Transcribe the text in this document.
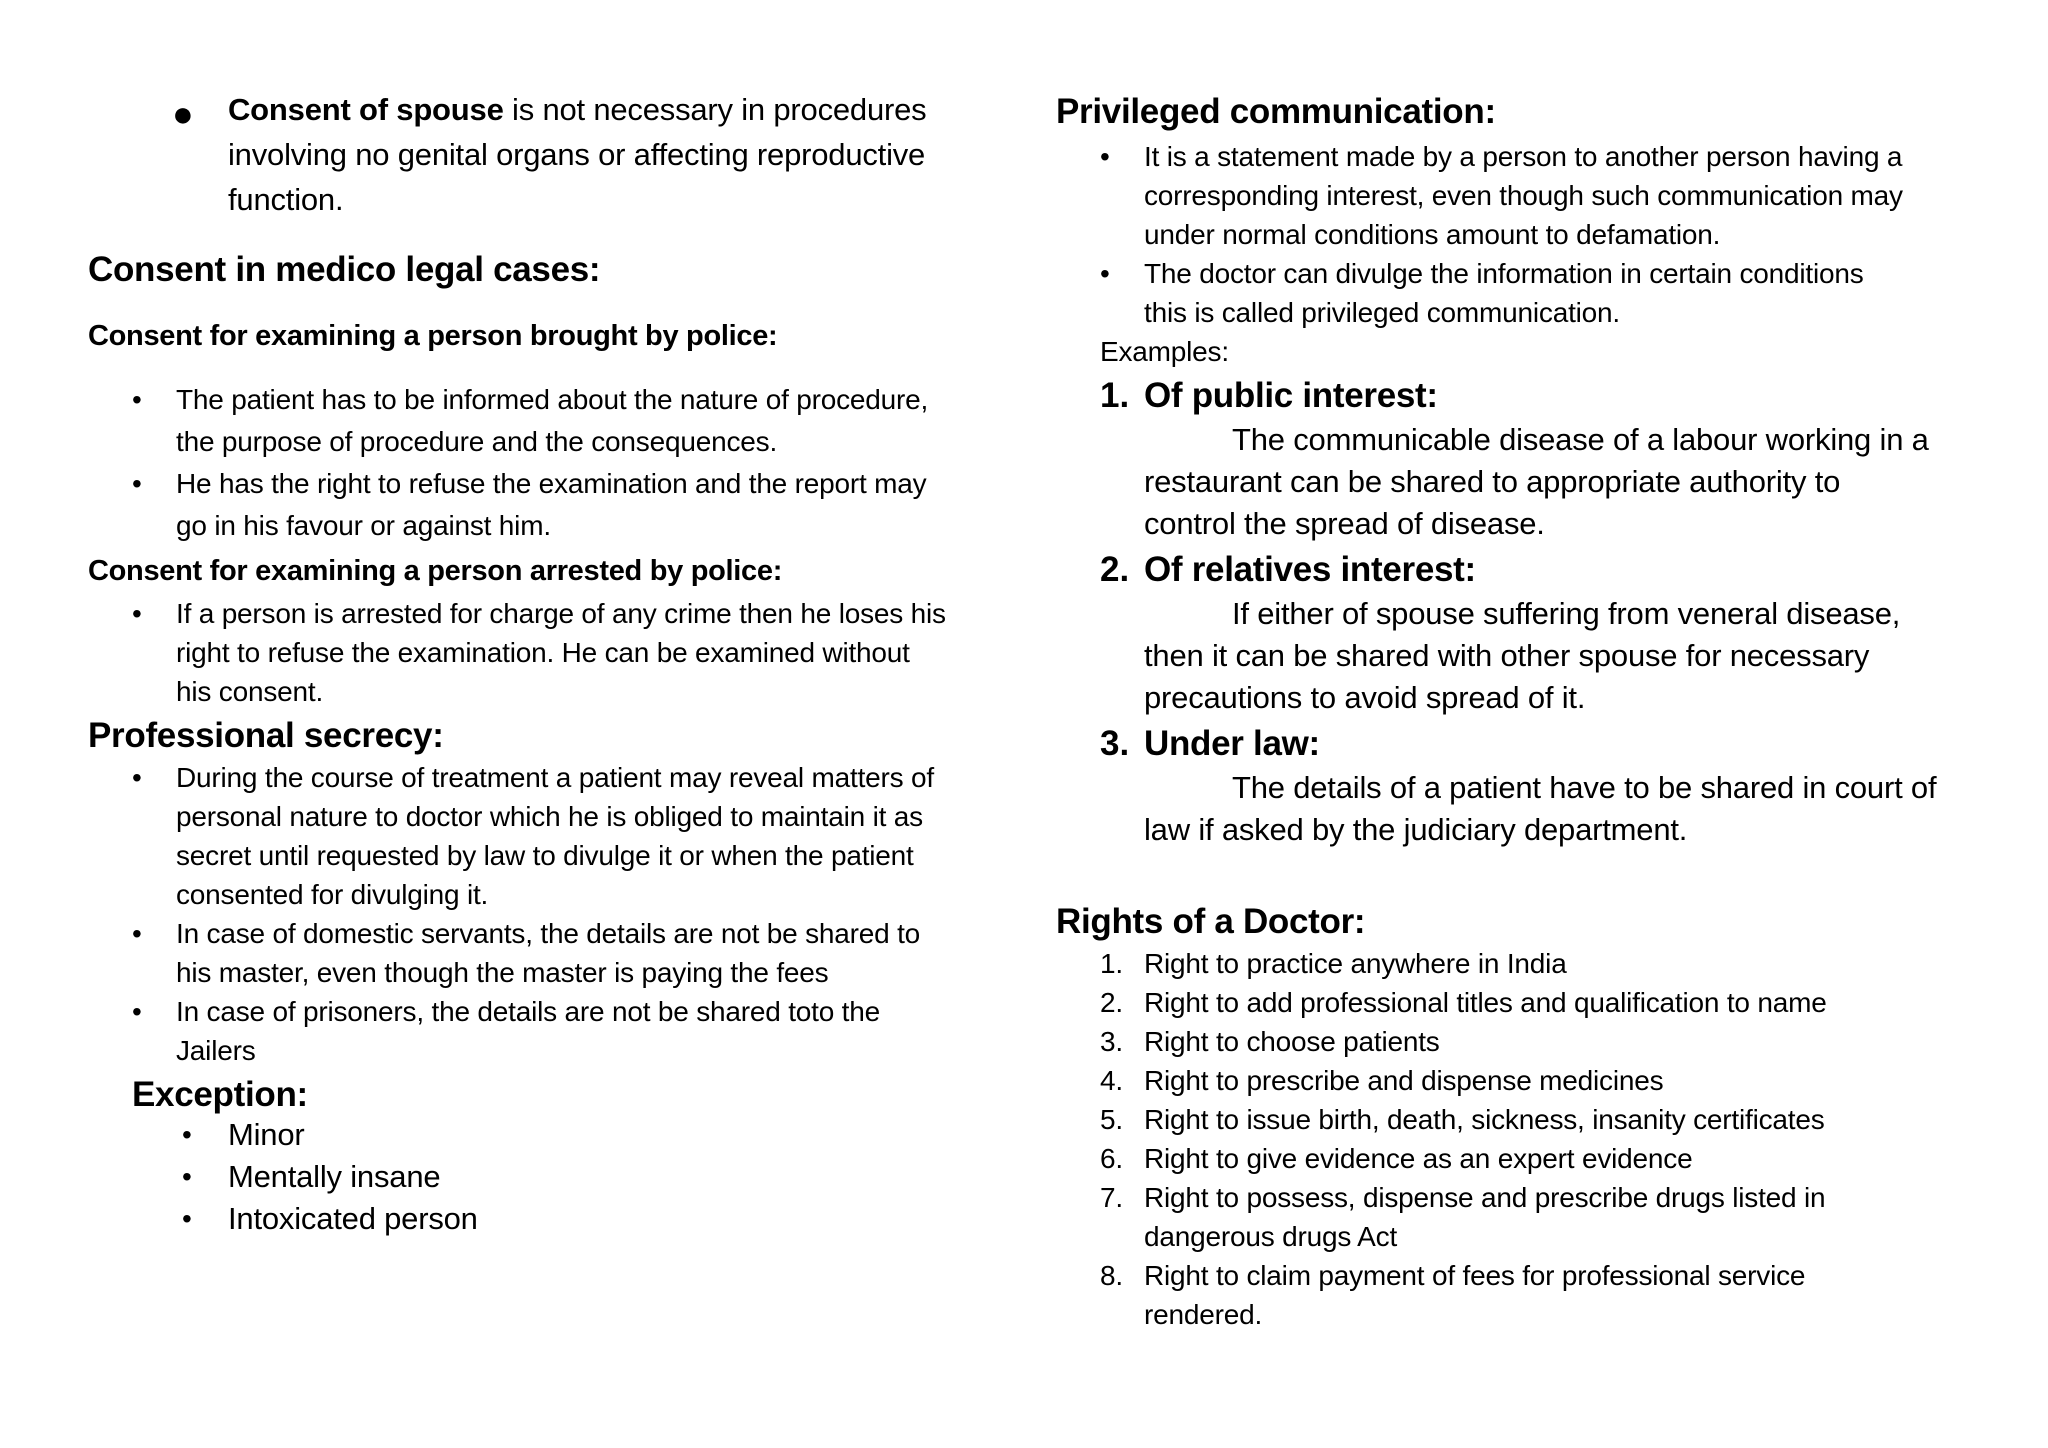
● Consent of spouse is not necessary in procedures
involving no genital organs or affecting reproductive
function.
Consent in medico legal cases:
Consent for examining a person brought by police:
• The patient has to be informed about the nature of procedure,
the purpose of procedure and the consequences.
• He has the right to refuse the examination and the report may
go in his favour or against him.
Consent for examining a person arrested by police:
• If a person is arrested for charge of any crime then he loses his
right to refuse the examination. He can be examined without
his consent.
Professional secrecy:
• During the course of treatment a patient may reveal matters of
personal nature to doctor which he is obliged to maintain it as
secret until requested by law to divulge it or when the patient
consented for divulging it.
• In case of domestic servants, the details are not be shared to
his master, even though the master is paying the fees
• In case of prisoners, the details are not be shared toto the
Jailers
Exception:
• Minor
• Mentally insane
• Intoxicated person
Privileged communication:
• It is a statement made by a person to another person having a
corresponding interest, even though such communication may
under normal conditions amount to defamation.
• The doctor can divulge the information in certain conditions
this is called privileged communication.
Examples:
1. Of public interest:
The communicable disease of a labour working in a
restaurant can be shared to appropriate authority to
control the spread of disease.
2. Of relatives interest:
If either of spouse suffering from veneral disease,
then it can be shared with other spouse for necessary
precautions to avoid spread of it.
3. Under law:
The details of a patient have to be shared in court of
law if asked by the judiciary department.
Rights of a Doctor:
1. Right to practice anywhere in India
2. Right to add professional titles and qualification to name
3. Right to choose patients
4. Right to prescribe and dispense medicines
5. Right to issue birth, death, sickness, insanity certificates
6. Right to give evidence as an expert evidence
7. Right to possess, dispense and prescribe drugs listed in
dangerous drugs Act
8. Right to claim payment of fees for professional service
rendered.
